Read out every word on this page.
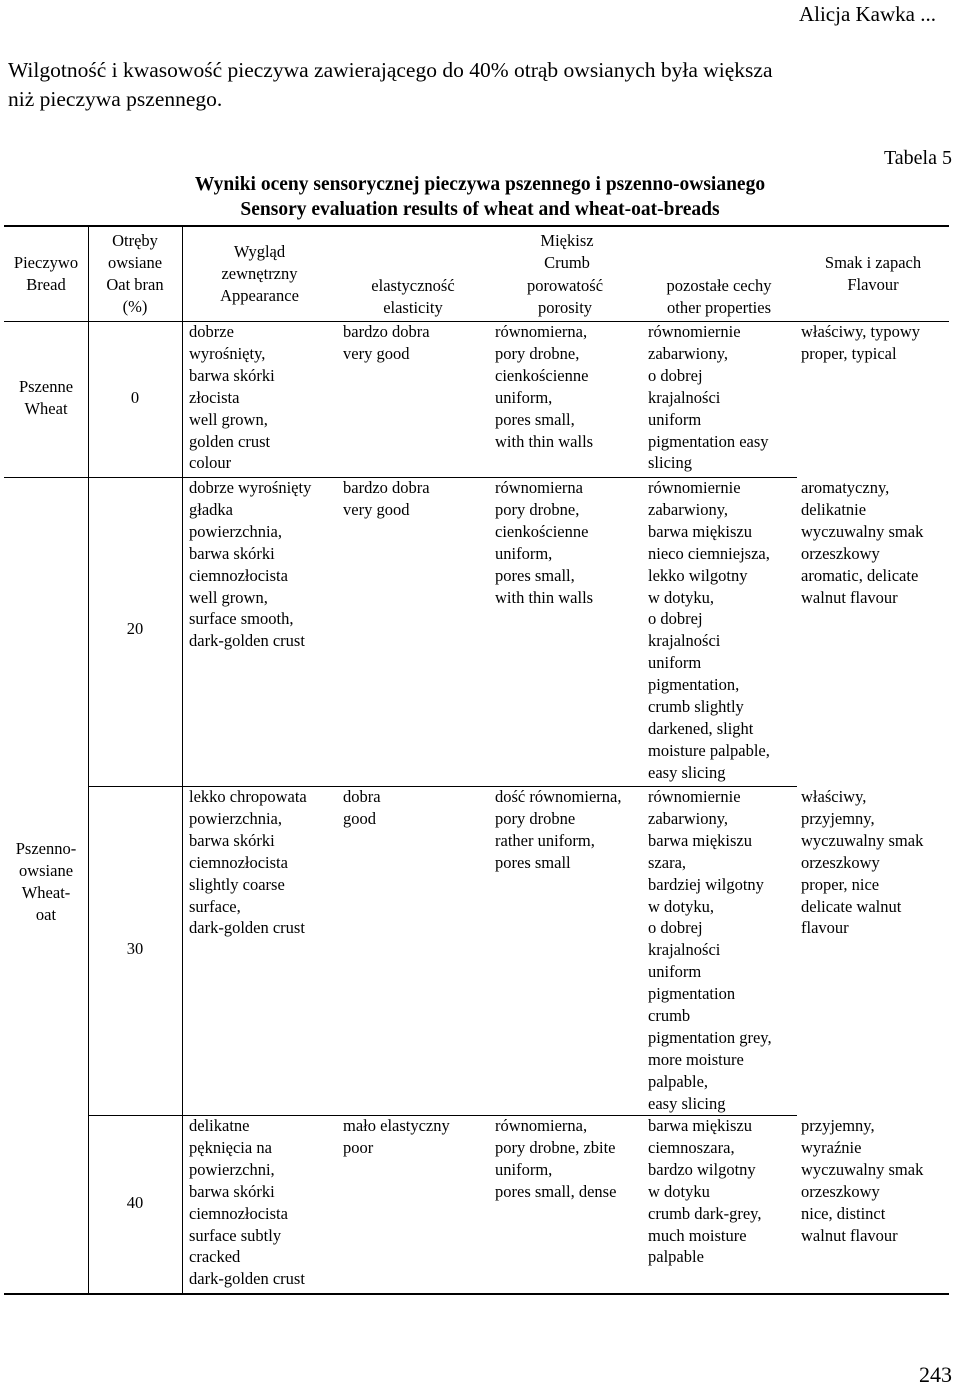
Alicja Kawka ...
Wilgotność i kwasowość pieczywa zawierającego do 40% otrąb owsianych była większa
niż pieczywa pszennego.
Tabela 5
Wyniki oceny sensorycznej pieczywa pszennego i pszenno-owsianego
Sensory evaluation results of wheat and wheat-oat-breads
Pieczywo
Bread
Otręby
owsiane
Oat bran
(%)
Wygląd
zewnętrzny
Appearance
Miękisz
Crumb
elastyczność
elasticity
porowatość
porosity
pozostałe cechy
other properties
Smak i zapach
Flavour
Pszenne
Wheat
Pszenno-
owsiane
Wheat-
oat
0
dobrze
wyrośnięty,
barwa skórki
złocista
well grown,
golden crust
colour
bardzo dobra
very good
równomierna,
pory drobne,
cienkościenne
uniform,
pores small,
with thin walls
równomiernie
zabarwiony,
o dobrej
krajalności
uniform
pigmentation easy
slicing
właściwy, typowy
proper, typical
20
dobrze wyrośnięty
gładka
powierzchnia,
barwa skórki
ciemnozłocista
well grown,
surface smooth,
dark-golden crust
bardzo dobra
very good
równomierna
pory drobne,
cienkościenne
uniform,
pores small,
with thin walls
równomiernie
zabarwiony,
barwa miękiszu
nieco ciemniejsza,
lekko wilgotny
w dotyku,
o dobrej
krajalności
uniform
pigmentation,
crumb slightly
darkened, slight
moisture palpable,
easy slicing
aromatyczny,
delikatnie
wyczuwalny smak
orzeszkowy
aromatic, delicate
walnut flavour
30
lekko chropowata
powierzchnia,
barwa skórki
ciemnozłocista
slightly coarse
surface,
dark-golden crust
dobra
good
dość równomierna,
pory drobne
rather uniform,
pores small
równomiernie
zabarwiony,
barwa miękiszu
szara,
bardziej wilgotny
w dotyku,
o dobrej
krajalności
uniform
pigmentation
crumb
pigmentation grey,
more moisture
palpable,
easy slicing
właściwy,
przyjemny,
wyczuwalny smak
orzeszkowy
proper, nice
delicate walnut
flavour
40
delikatne
pęknięcia na
powierzchni,
barwa skórki
ciemnozłocista
surface subtly
cracked
dark-golden crust
mało elastyczny
poor
równomierna,
pory drobne, zbite
uniform,
pores small, dense
barwa miękiszu
ciemnoszara,
bardzo wilgotny
w dotyku
crumb dark-grey,
much moisture
palpable
przyjemny,
wyraźnie
wyczuwalny smak
orzeszkowy
nice, distinct
walnut flavour
243
